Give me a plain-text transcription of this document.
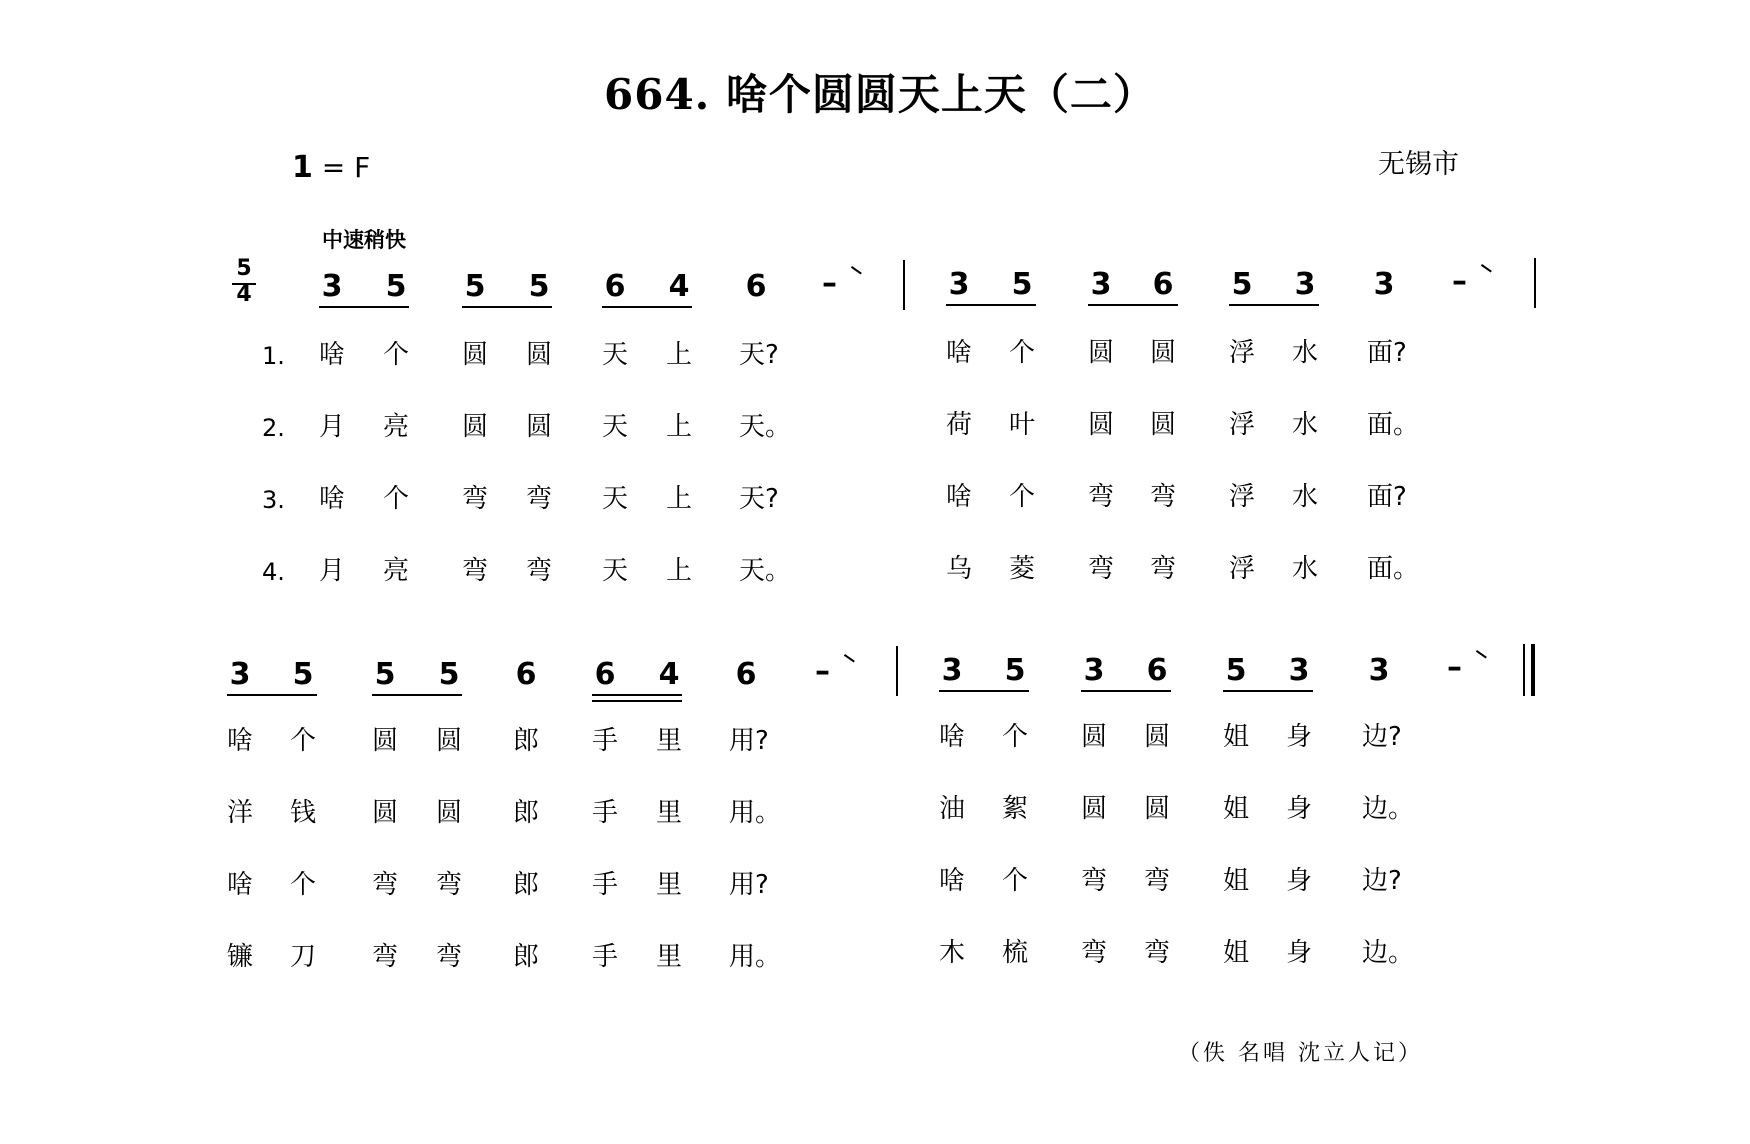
664. 啥个圆圆天上天（二）
1 = F	无锡市
中速稍快
5
4 3 5 5 5 6 4 6 –	3 5 3 6 5 3 3 –
1.
2.
3.
4.
啥 个 圆 圆 天 上 天?	啥 个 圆 圆 浮 水 面?
月 亮 圆 圆 天 上 天。	荷 叶 圆 圆 浮 水 面。
啥 个 弯 弯 天 上 天?	啥 个 弯 弯 浮 水 面?
月 亮 弯 弯 天 上 天。	乌 菱 弯 弯 浮 水 面。
3 5 5 5 6 6 4 6 –	3 5 3 6 5 3 3 –
啥 个 圆 圆 郎 手 里 用?	啥 个 圆 圆 姐 身 边?
洋 钱 圆 圆 郎 手 里 用。	油 絮 圆 圆 姐 身 边。
啥 个 弯 弯 郎 手 里 用?	啥 个 弯 弯 姐 身 边?
镰 刀 弯 弯 郎 手 里 用。	木 梳 弯 弯 姐 身 边。
（佚 名唱 沈立人记）
